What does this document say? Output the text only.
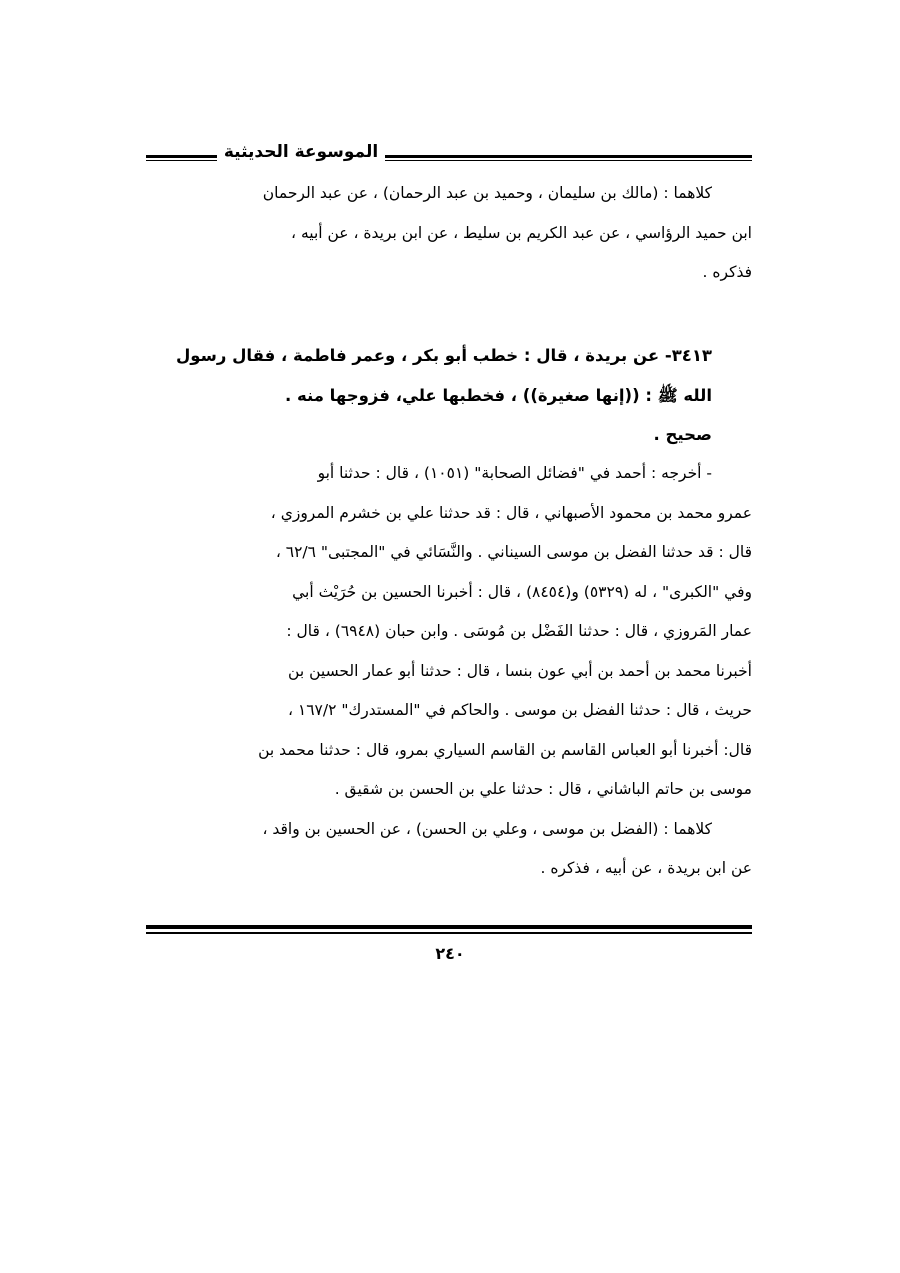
الموسوعة الحديثية

كلاهما : (مالك بن سليمان ، وحميد بن عبد الرحمان) ، عن عبد الرحمان

ابن حميد الرؤاسي ، عن عبد الكريم بن سليط ، عن ابن بريدة ، عن أبيه ،

فذكره .

٣٤١٣- عن بريدة ، قال : خطب أبو بكر ، وعمر فاطمة ، فقال رسول

الله ﷺ : ((إنها صغيرة)) ، فخطبها علي، فزوجها منه .

صحيح .

- أخرجه : أحمد في "فضائل الصحابة" (١٠٥١) ، قال : حدثنا أبو

عمرو محمد بن محمود الأصبهاني ، قال : قد حدثنا علي بن خشرم المروزي ،

قال : قد حدثنا الفضل بن موسى السيناني . والنَّسَائي في "المجتبى" ٦٢/٦ ،

وفي "الكبرى" ، له (٥٣٢٩) و(٨٤٥٤) ، قال : أخبرنا الحسين بن حُرَيْث أبي

عمار المَروزي ، قال : حدثنا الفَضْل بن مُوسَى . وابن حبان (٦٩٤٨) ، قال :

أخبرنا محمد بن أحمد بن أبي عون بنسا ، قال : حدثنا أبو عمار الحسين بن

حريث ، قال : حدثنا الفضل بن موسى . والحاكم في "المستدرك" ١٦٧/٢ ،

قال: أخبرنا أبو العباس القاسم بن القاسم السياري بمرو، قال : حدثنا محمد بن

موسى بن حاتم الباشاني ، قال : حدثنا علي بن الحسن بن شقيق .

كلاهما : (الفضل بن موسى ، وعلي بن الحسن) ، عن الحسين بن واقد ،

عن ابن بريدة ، عن أبيه ، فذكره .

٢٤٠
